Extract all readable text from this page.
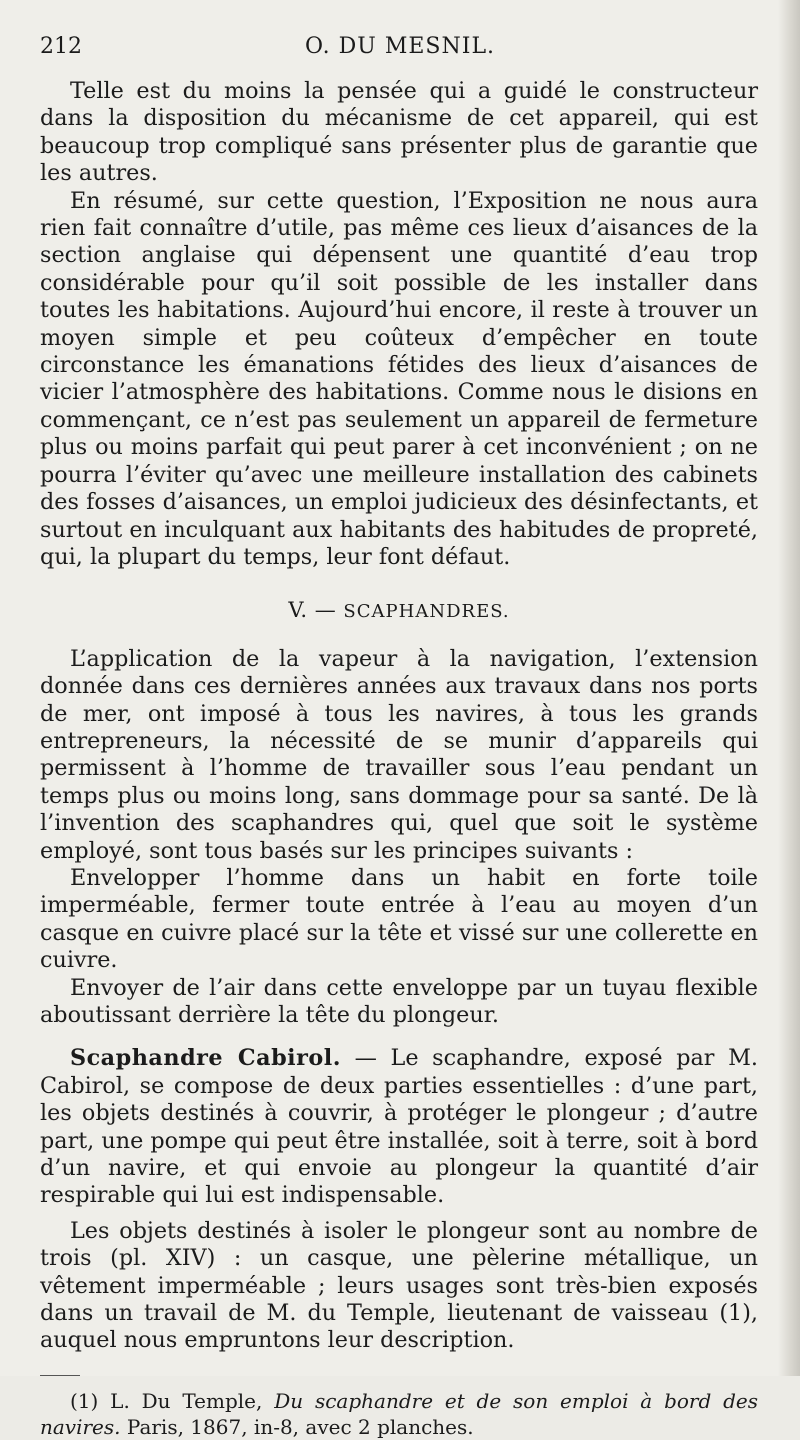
212	O. DU MESNIL.

Telle est du moins la pensée qui a guidé le constructeur dans la disposition du mécanisme de cet appareil, qui est beaucoup trop compliqué sans présenter plus de garantie que les autres.

En résumé, sur cette question, l’Exposition ne nous aura rien fait connaître d’utile, pas même ces lieux d’aisances de la section anglaise qui dépensent une quantité d’eau trop considérable pour qu’il soit possible de les installer dans toutes les habitations. Aujourd’hui encore, il reste à trouver un moyen simple et peu coûteux d’empêcher en toute circonstance les émanations fétides des lieux d’aisances de vicier l’atmosphère des habitations. Comme nous le disions en commençant, ce n’est pas seulement un appareil de fermeture plus ou moins parfait qui peut parer à cet inconvénient ; on ne pourra l’éviter qu’avec une meilleure installation des cabinets des fosses d’aisances, un emploi judicieux des désinfectants, et surtout en inculquant aux habitants des habitudes de propreté, qui, la plupart du temps, leur font défaut.

V. — SCAPHANDRES.

L’application de la vapeur à la navigation, l’extension donnée dans ces dernières années aux travaux dans nos ports de mer, ont imposé à tous les navires, à tous les grands entrepreneurs, la nécessité de se munir d’appareils qui permissent à l’homme de travailler sous l’eau pendant un temps plus ou moins long, sans dommage pour sa santé. De là l’invention des scaphandres qui, quel que soit le système employé, sont tous basés sur les principes suivants :

Envelopper l’homme dans un habit en forte toile imperméable, fermer toute entrée à l’eau au moyen d’un casque en cuivre placé sur la tête et vissé sur une collerette en cuivre.

Envoyer de l’air dans cette enveloppe par un tuyau flexible aboutissant derrière la tête du plongeur.

Scaphandre Cabirol. — Le scaphandre, exposé par M. Cabirol, se compose de deux parties essentielles : d’une part, les objets destinés à couvrir, à protéger le plongeur ; d’autre part, une pompe qui peut être installée, soit à terre, soit à bord d’un navire, et qui envoie au plongeur la quantité d’air respirable qui lui est indispensable.

Les objets destinés à isoler le plongeur sont au nombre de trois (pl. XIV) : un casque, une pèlerine métallique, un vêtement imperméable ; leurs usages sont très-bien exposés dans un travail de M. du Temple, lieutenant de vaisseau (1), auquel nous empruntons leur description.

(1) L. Du Temple, Du scaphandre et de son emploi à bord des navires. Paris, 1867, in-8, avec 2 planches.
